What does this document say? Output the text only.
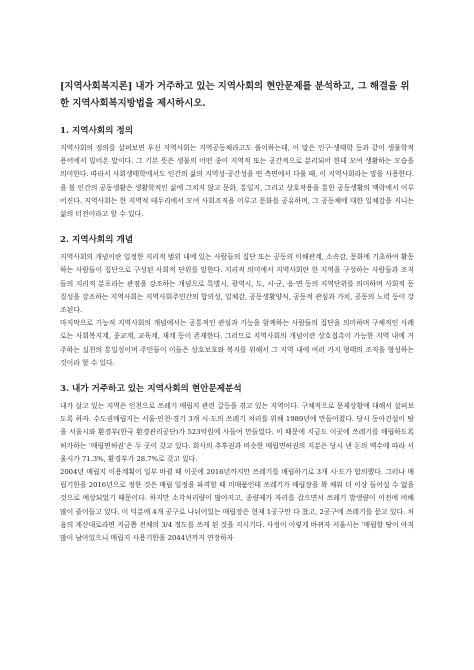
[지역사회복지론] 내가 거주하고 있는 지역사회의 현안문제를 분석하고, 그 해결을 위한 지역사회복지방법을 제시하시오.
1. 지역사회의 정의

지역사회의 정의를 살펴보면 우선 지역사회는 지역공동체라고도 풀이하는데, 이 말은 인구·생태학 등과 같이 생물학적 용어에서 빌어온 말이다. 그 기본 뜻은 생물의 어떤 종이 지역적 또는 공간적으로 분리되어 한데 모여 생활하는 모습을 의미한다. 따라서 사회생태학에서도 인간의 삶의 지역성·공간성을 띤 측면에서 다룰 때, 이 지역사회라는 말을 사용한다. 을 볼 인간의 공동생활은 생활학적인 삶에 그치지 않고 문화, 통일지, 그리고 상호작용을 통한 공동생활의 맥락에서 이루어진다. 지역사회는 한 지역적 테두리에서 모여 사회조직을 이루고 문화를 공유하며, 그 공동체에 대한 일체감을 지니는 삶의 터전이라고 할 수 있다.

2. 지역사회의 개념

지역사회의 개념이란 일정한 지리적 범위 내에 있는 사람들의 집단 또는 공동의 이해관계, 소속감, 문화에 기초하여 활동하는 사람들이 집단으로 구성된 사회적 단위를 말한다. 지리적 의미에서 지역사회란 한 지역을 구성하는 사람들과 조직들의 지리적 분포라는 관점을 강조하는 개념으로 특별시, 광역시, 도, 시·군, 읍·면 등의 지역단위를 의미하며 사회적 동질성을 강조하는 지역사회는 지역사회주민간의 합의성, 일체감, 공동생활양식, 공동적 관심과 가치, 공동의 노력 등이 강조된다.

마지막으로 기능적 지역사회의 개념에서는 공통적인 관심과 기능을 함께하는 사람들의 집단을 의미하며 구체적인 사례로는 사회복지계, 종교계, 교육계, 재계 등이 존재한다. 그러므로 지역사회의 개념이란 상호접촉이 가능한 지역 내에 거주하는 실천의 통일성이며 주민들이 이들은 상호보호와 복지를 위해서 그 지역 내에 여러 가지 형태의 조직을 형성하는 것이라 할 수 있다.

3. 내가 거주하고 있는 지역사회의 현안문제분석

내가 살고 있는 지역은 인천으로 쓰레기 매립지 관련 갈등을 겪고 있는 지역이다. 구체적으로 문제상황에 대해서 살펴보도록 하자. 수도권매립지는 서울·인천·경기 3개 시·도의 쓰레기 처리를 위해 1989년에 만들어졌다. 당시 동아건설이 땅을 서울시와 환경부(한국 환경관리공단)가 523억원에 사들여 만들었다. 이 때문에 지금도 이곳에 쓰레기를 매립하도록 허가하는 ‘매립면허권’은 두 곳이 갖고 있다. 회사의 추후권과 비슷한 매립면허권의 지분은 당시 낸 돈의 액수에 따라 서울시가 71.3%, 환경부가 28.7%로 갖고 있다.

2004년 매립지 이용계획이 일부 바뀔 때 이곳에 2016년까지만 쓰레기를 매립하기로 3개 시·도가 합의했다. 그러나 매립기한을 2016년으로 정한 것은 매립 일정을 파격할 때 미매품인데 쓰레기가 매립장을 꽉 채워 더 이상 들어설 수 없을 것으로 예상되었기 때문이다. 하지만 소각처리량이 많아지고, 종량제가 자리를 잡으면서 쓰레기 발생량이 이전에 비해 많이 줄어들고 있다. 이 덕분에 4개 공구로 나뉘어있는 매립장은 현재 1공구만 다 찼고, 2공구에 쓰레기를 묻고 있다. 처음의 계산대로라면 지금쯤 전체의 3/4 정도를 쓰게 된 것을 지시기다. 사정이 이렇게 바뀌자 서울시는 ‘매립할 땅이 아직 많이 남아있으니 매립지 사용기한을 2044년까지 연장하자
